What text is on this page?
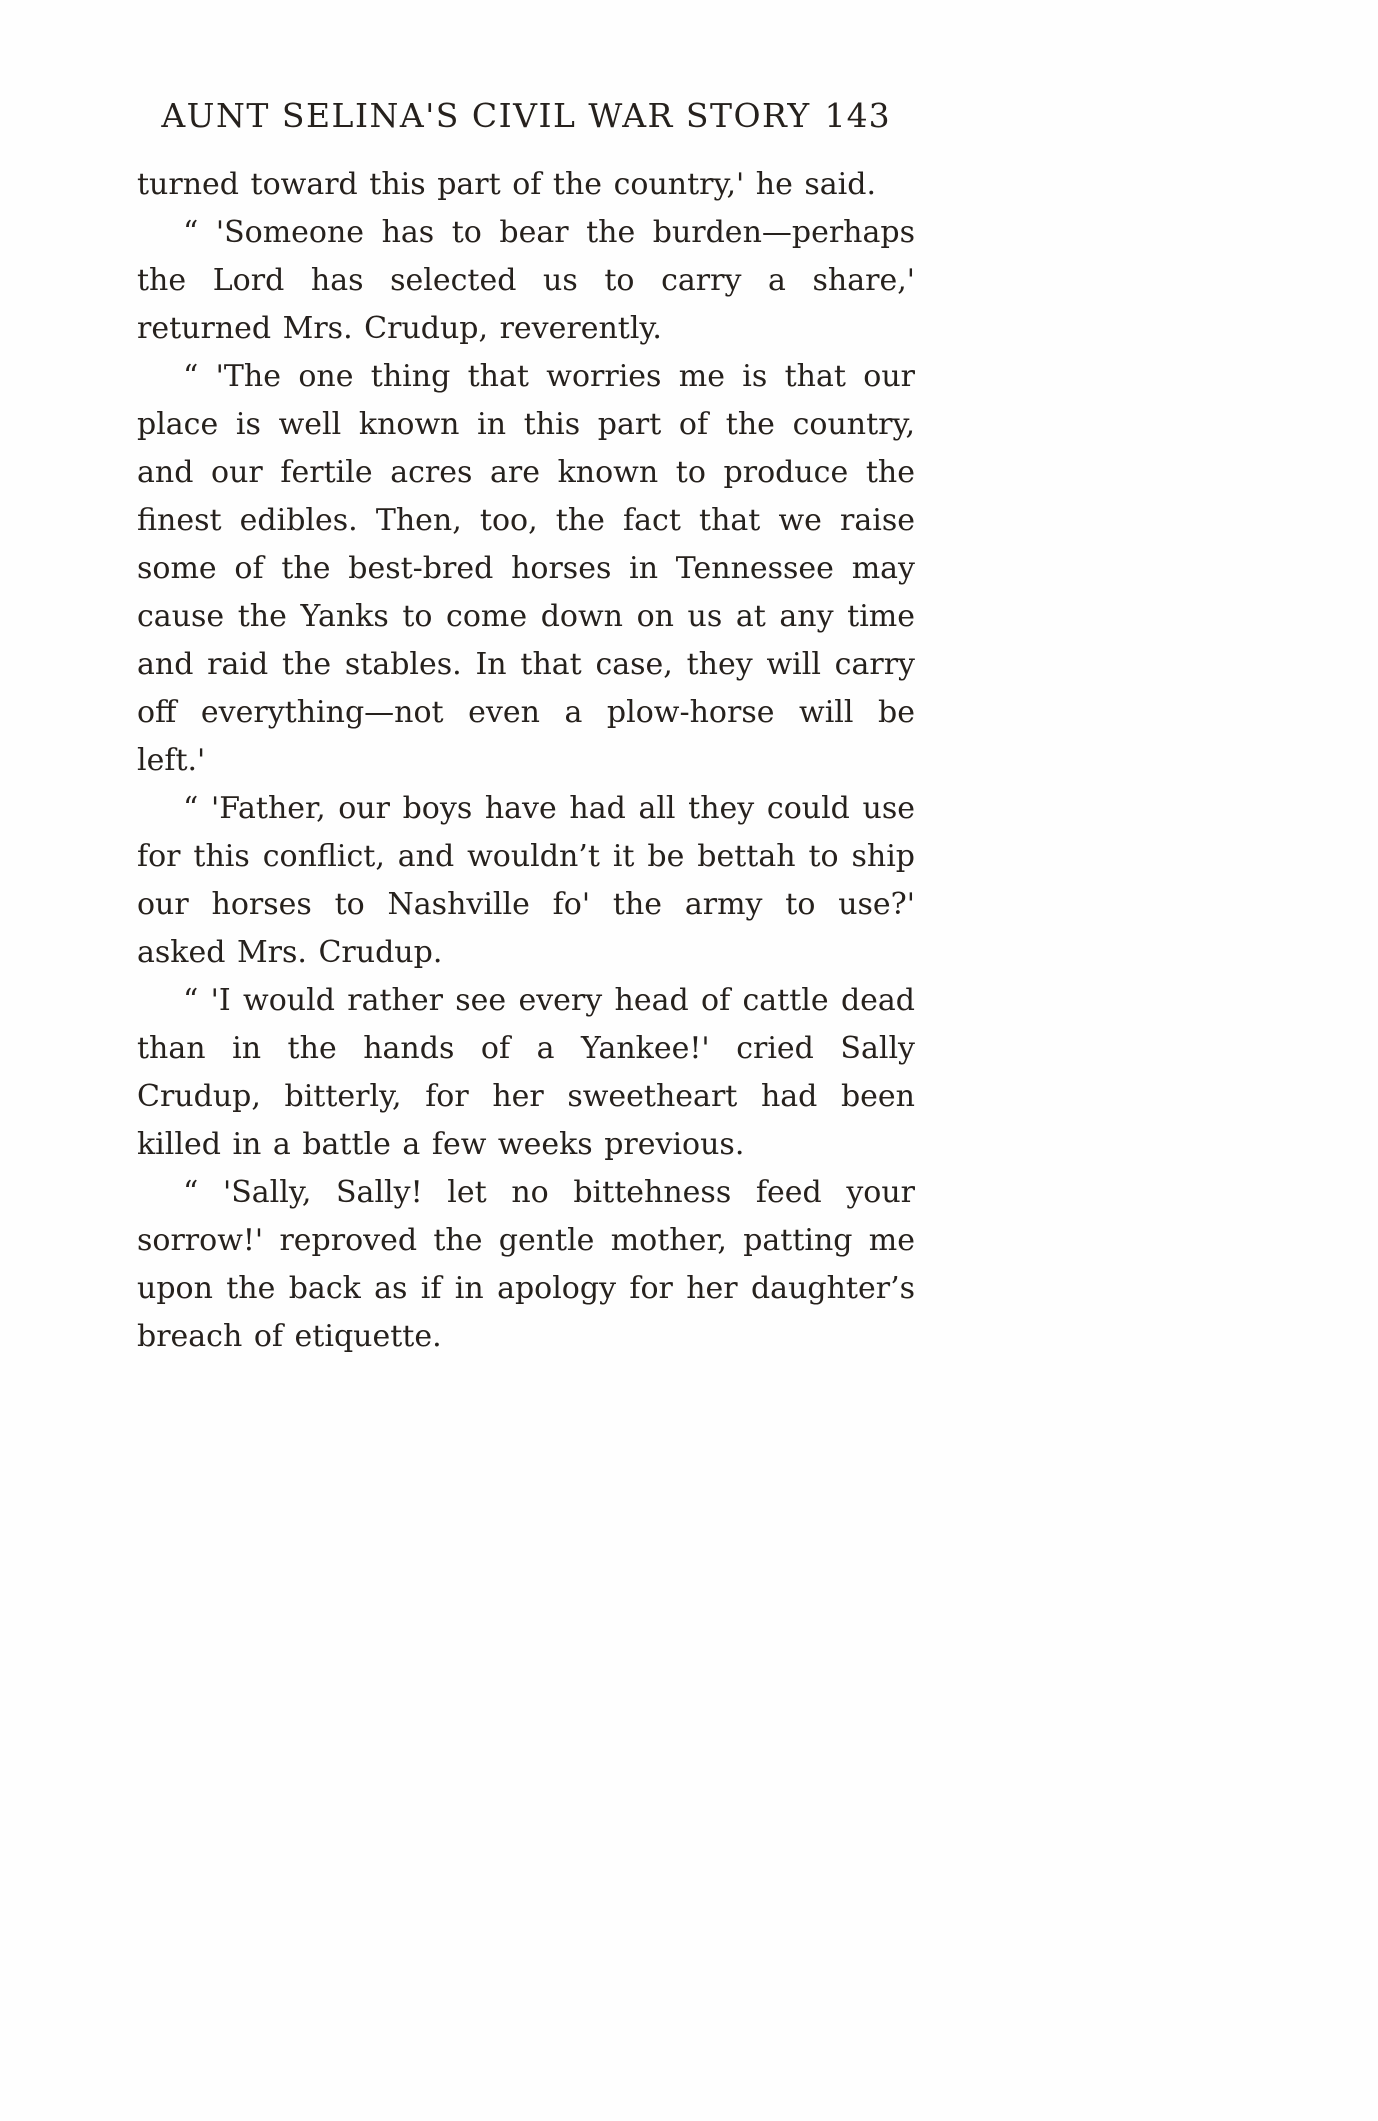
AUNT SELINA'S CIVIL WAR STORY 143

turned toward this part of the country,' he said.

“ 'Someone has to bear the burden—perhaps the Lord has selected us to carry a share,' returned Mrs. Crudup, reverently.

“ 'The one thing that worries me is that our place is well known in this part of the country, and our fertile acres are known to produce the finest edibles. Then, too, the fact that we raise some of the best-bred horses in Tennessee may cause the Yanks to come down on us at any time and raid the stables. In that case, they will carry off everything—not even a plow-horse will be left.'

“ 'Father, our boys have had all they could use for this conflict, and wouldn’t it be bettah to ship our horses to Nashville fo' the army to use?' asked Mrs. Crudup.

“ 'I would rather see every head of cattle dead than in the hands of a Yankee!' cried Sally Crudup, bitterly, for her sweetheart had been killed in a battle a few weeks previous.

“ 'Sally, Sally! let no bittehness feed your sorrow!' reproved the gentle mother, patting me upon the back as if in apology for her daughter’s breach of etiquette.
